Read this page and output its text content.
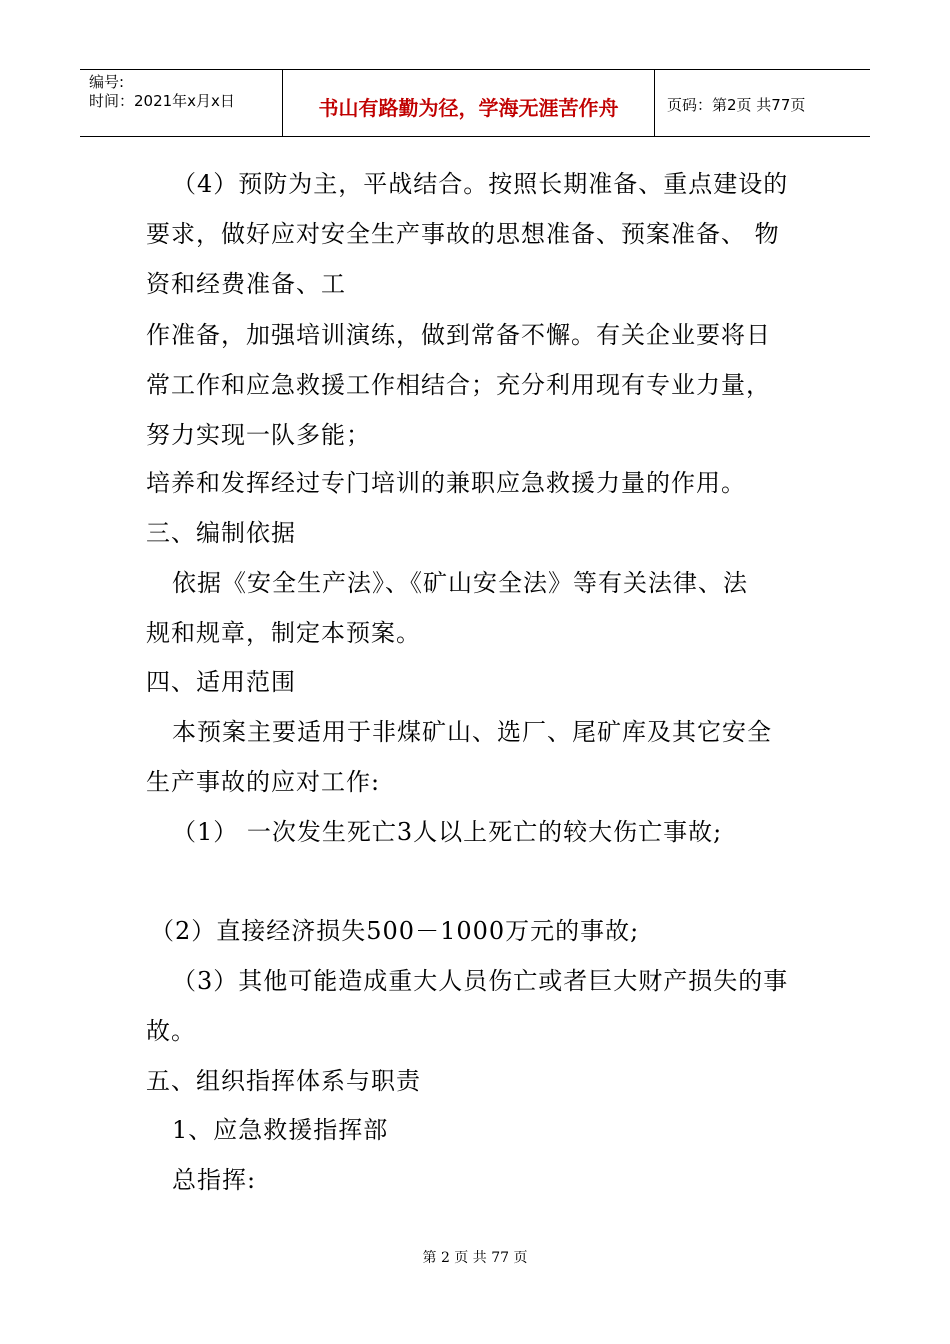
编号:
时间：2021年x月x日	书山有路勤为径，学海无涯苦作舟	页码：第2页 共77页
（4）预防为主，平战结合。按照长期准备、重点建设的
要求，做好应对安全生产事故的思想准备、预案准备、 物
资和经费准备、工
作准备，加强培训演练，做到常备不懈。有关企业要将日
常工作和应急救援工作相结合；充分利用现有专业力量，
努力实现一队多能；
培养和发挥经过专门培训的兼职应急救援力量的作用。
三、编制依据
依据《安全生产法》、《矿山安全法》等有关法律、法
规和规章，制定本预案。
四、适用范围
本预案主要适用于非煤矿山、选厂、尾矿库及其它安全
生产事故的应对工作:
（1） 一次发生死亡3人以上死亡的较大伤亡事故;
（2）直接经济损失500－1000万元的事故;
（3）其他可能造成重大人员伤亡或者巨大财产损失的事
故。
五、组织指挥体系与职责
1、应急救援指挥部
总指挥:
第 2 页 共 77 页
